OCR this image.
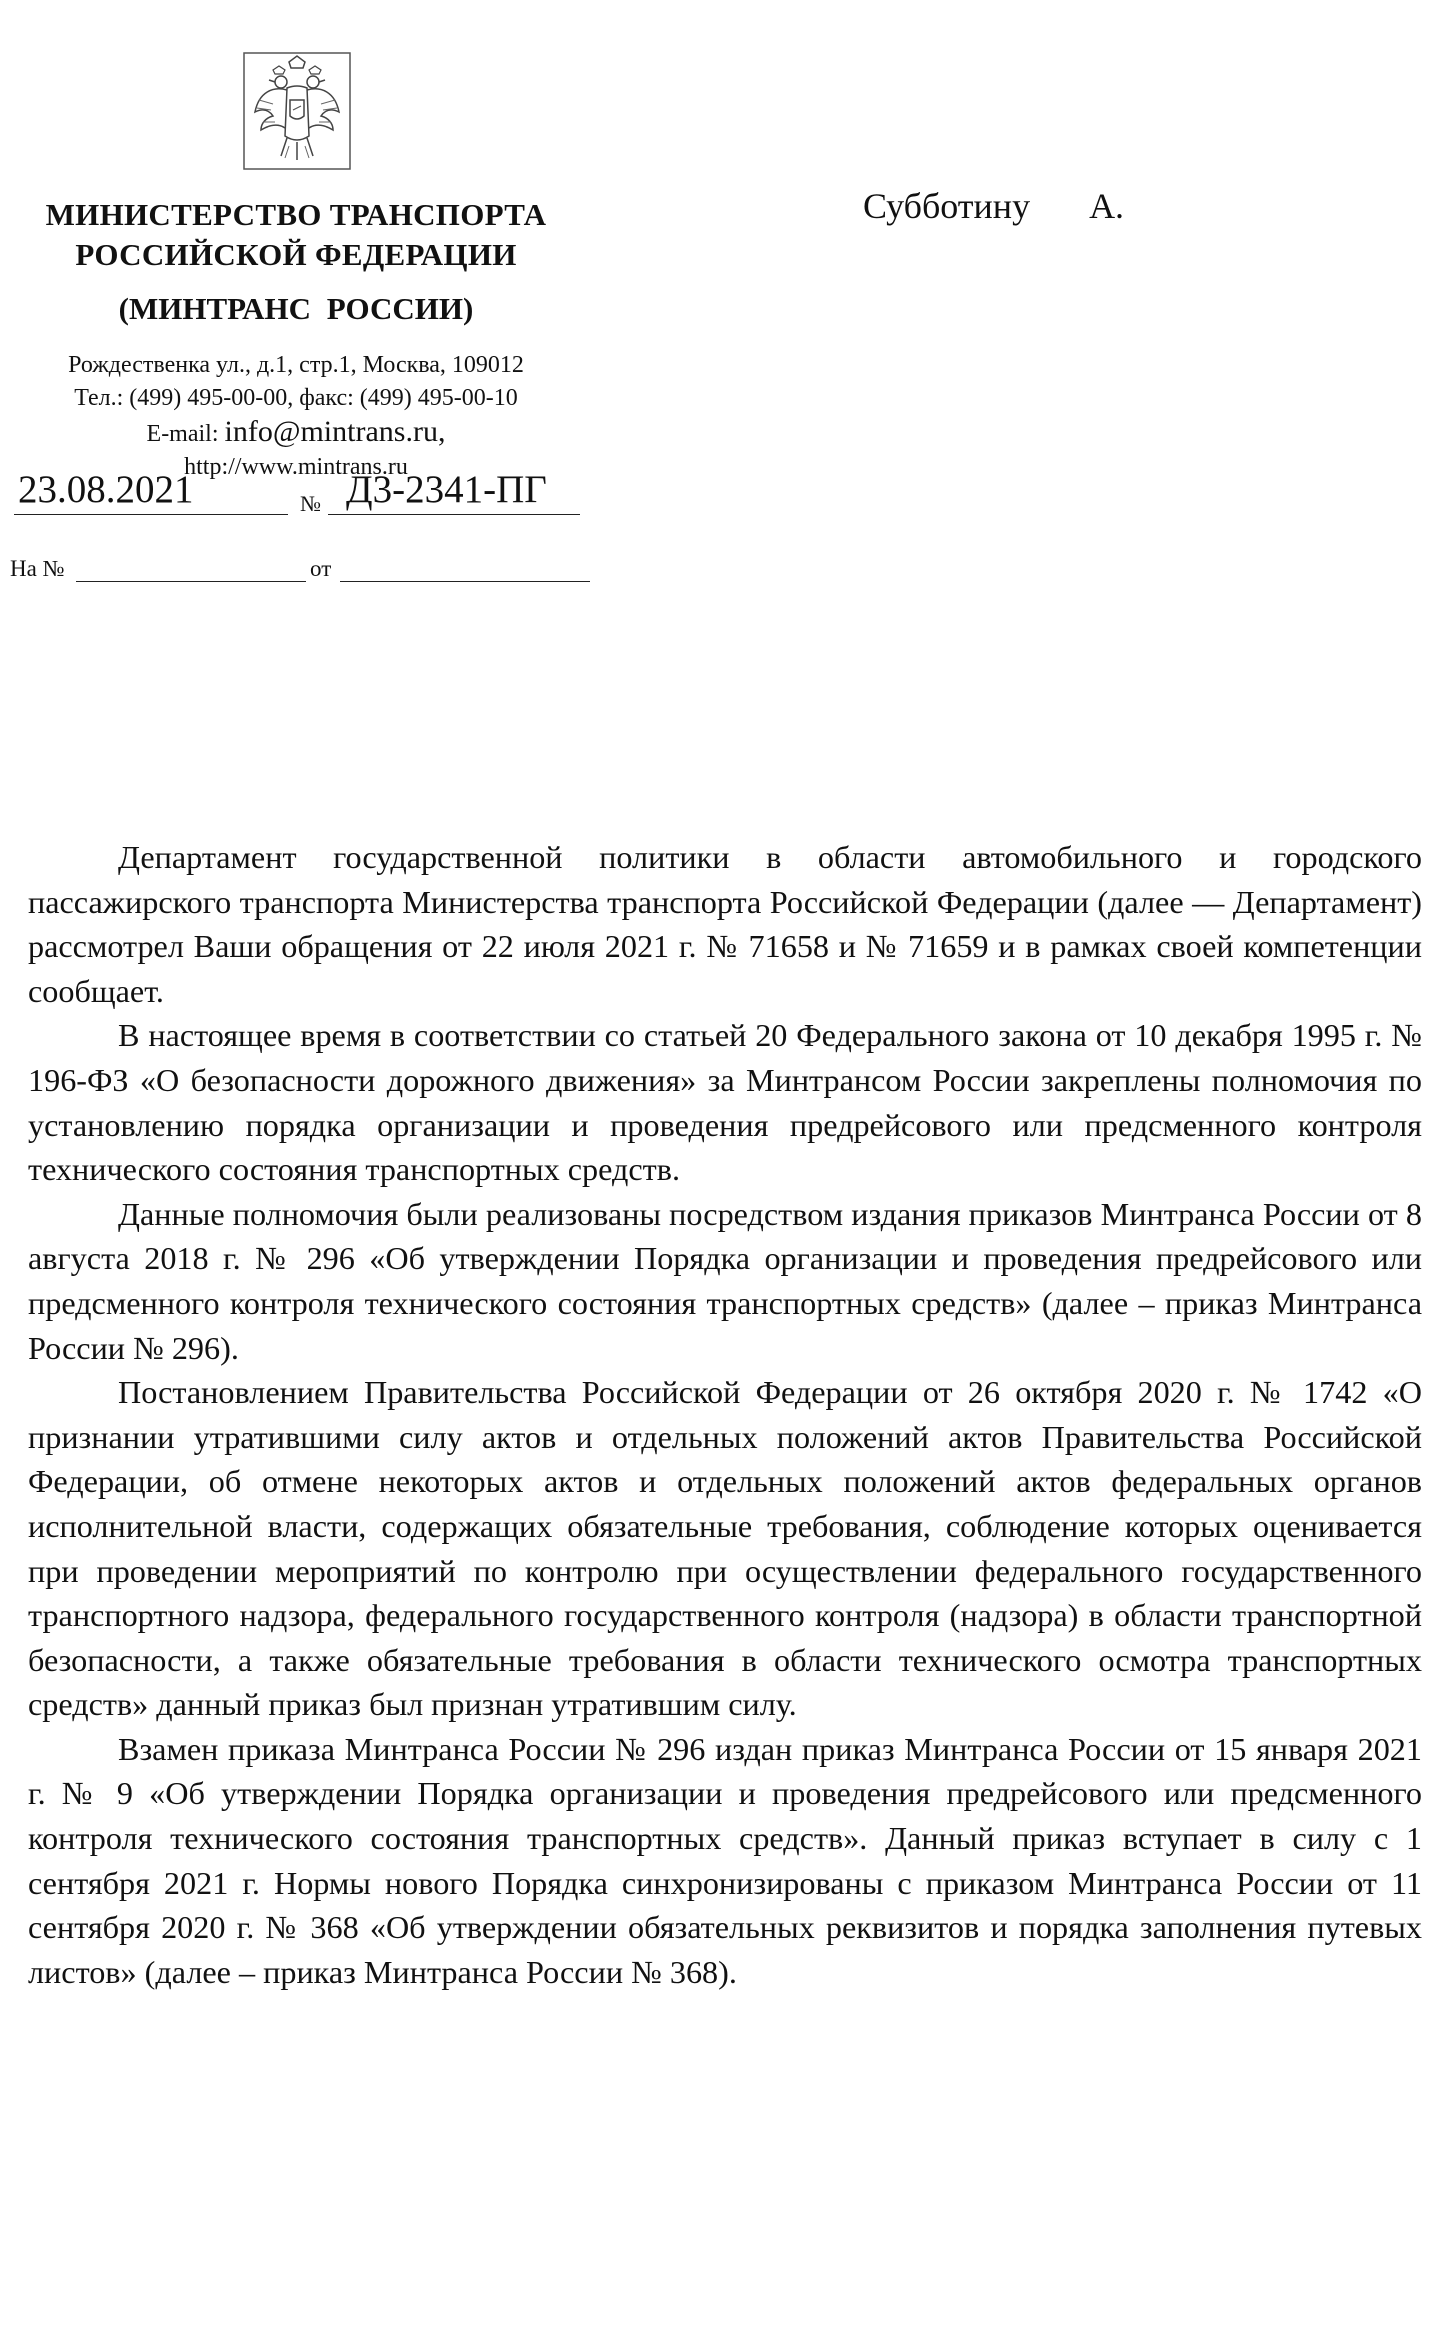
МИНИСТЕРСТВО ТРАНСПОРТА
РОССИЙСКОЙ ФЕДЕРАЦИИ
(МИНТРАНС РОССИИ)
Рождественка ул., д.1, стр.1, Москва, 109012
Тел.: (499) 495-00-00, факс: (499) 495-00-10
E-mail: info@mintrans.ru,
http://www.mintrans.ru
Субботину А.
23.08.2021	№ Д3-2341-ПГ
На №	от

Департамент государственной политики в области автомобильного и городского пассажирского транспорта Министерства транспорта Российской Федерации (далее — Департамент) рассмотрел Ваши обращения от 22 июля 2021 г. № 71658 и № 71659 и в рамках своей компетенции сообщает.

В настоящее время в соответствии со статьей 20 Федерального закона от 10 декабря 1995 г. № 196-ФЗ «О безопасности дорожного движения» за Минтрансом России закреплены полномочия по установлению порядка организации и проведения предрейсового или предсменного контроля технического состояния транспортных средств.

Данные полномочия были реализованы посредством издания приказов Минтранса России от 8 августа 2018 г. № 296 «Об утверждении Порядка организации и проведения предрейсового или предсменного контроля технического состояния транспортных средств» (далее – приказ Минтранса России № 296).

Постановлением Правительства Российской Федерации от 26 октября 2020 г. № 1742 «О признании утратившими силу актов и отдельных положений актов Правительства Российской Федерации, об отмене некоторых актов и отдельных положений актов федеральных органов исполнительной власти, содержащих обязательные требования, соблюдение которых оценивается при проведении мероприятий по контролю при осуществлении федерального государственного транспортного надзора, федерального государственного контроля (надзора) в области транспортной безопасности, а также обязательные требования в области технического осмотра транспортных средств» данный приказ был признан утратившим силу.

Взамен приказа Минтранса России № 296 издан приказ Минтранса России от 15 января 2021 г. № 9 «Об утверждении Порядка организации и проведения предрейсового или предсменного контроля технического состояния транспортных средств». Данный приказ вступает в силу с 1 сентября 2021 г. Нормы нового Порядка синхронизированы с приказом Минтранса России от 11 сентября 2020 г. № 368 «Об утверждении обязательных реквизитов и порядка заполнения путевых листов» (далее – приказ Минтранса России № 368).
